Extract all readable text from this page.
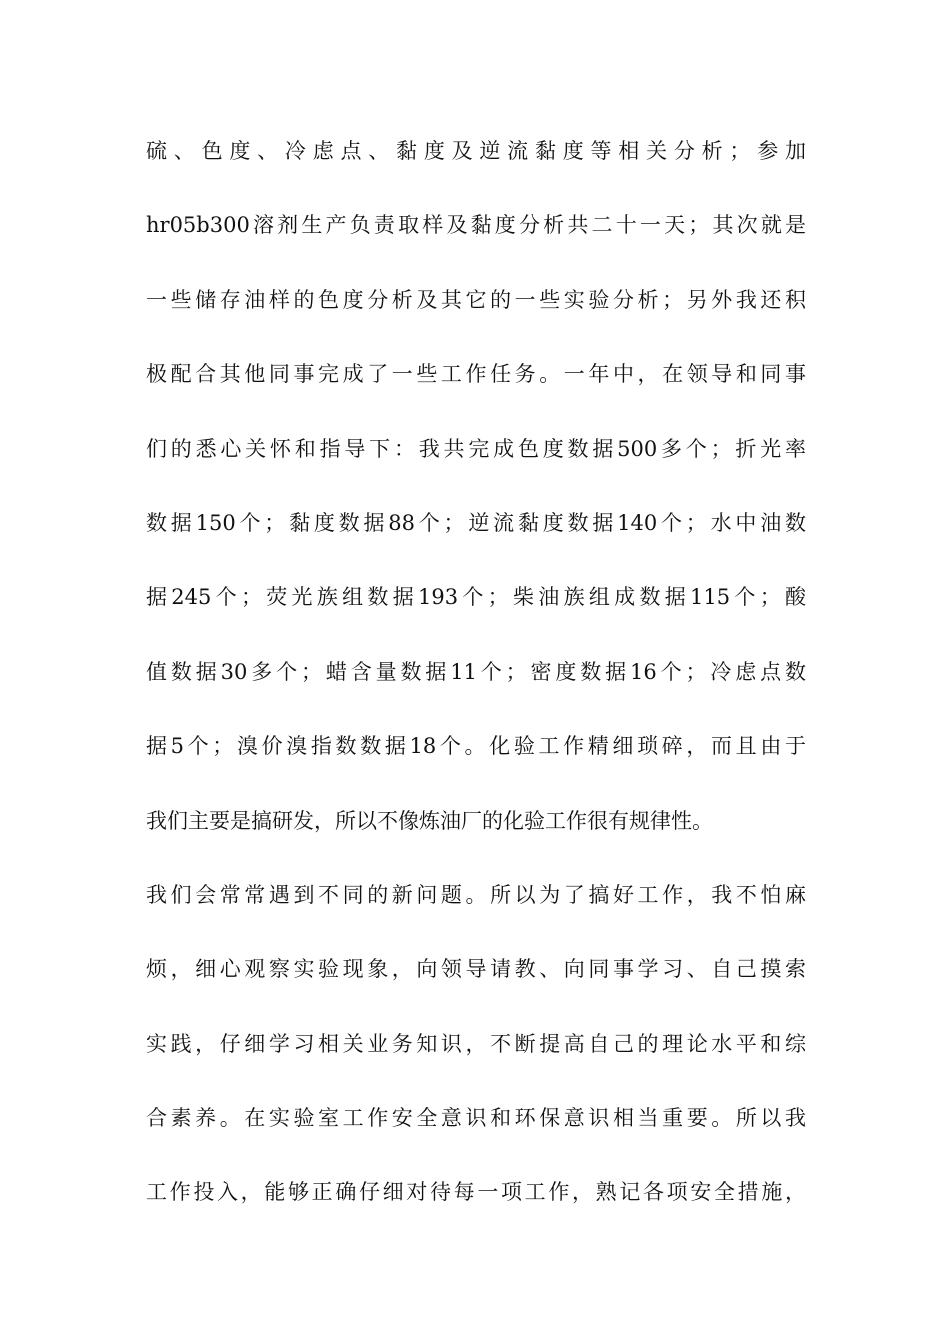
硫、色度、冷虑点、黏度及逆流黏度等相关分析；参加
hr05b300溶剂生产负责取样及黏度分析共二十一天；其次就是
一些储存油样的色度分析及其它的一些实验分析；另外我还积
极配合其他同事完成了一些工作任务。一年中，在领导和同事
们的悉心关怀和指导下：我共完成色度数据500多个；折光率
数据150个；黏度数据88个；逆流黏度数据140个；水中油数
据245个；荧光族组数据193个；柴油族组成数据115个；酸
值数据30多个；蜡含量数据11个；密度数据16个；冷虑点数
据5个；溴价溴指数数据18个。化验工作精细琐碎，而且由于
我们主要是搞研发，所以不像炼油厂的化验工作很有规律性。
我们会常常遇到不同的新问题。所以为了搞好工作，我不怕麻
烦，细心观察实验现象，向领导请教、向同事学习、自己摸索
实践，仔细学习相关业务知识，不断提高自己的理论水平和综
合素养。在实验室工作安全意识和环保意识相当重要。所以我
工作投入，能够正确仔细对待每一项工作，熟记各项安全措施，
